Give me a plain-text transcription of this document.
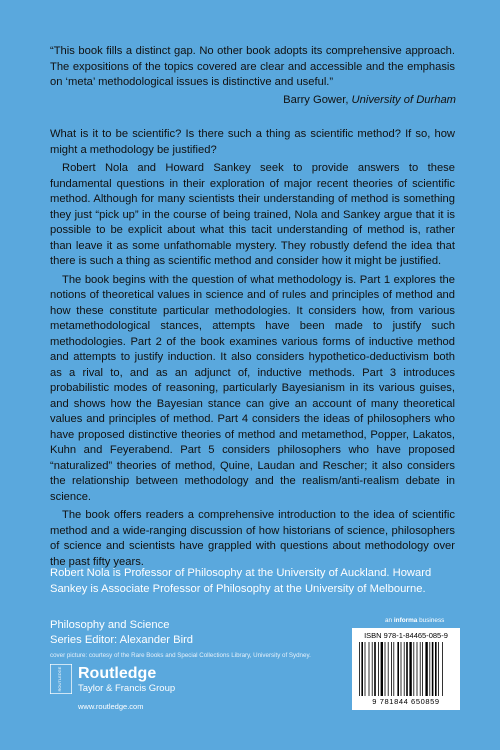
“This book fills a distinct gap. No other book adopts its comprehensive approach. The expositions of the topics covered are clear and accessible and the emphasis on ‘meta’ methodological issues is distinctive and useful.”
Barry Gower, University of Durham

What is it to be scientific? Is there such a thing as scientific method? If so, how might a methodology be justified?

Robert Nola and Howard Sankey seek to provide answers to these fundamental questions in their exploration of major recent theories of scientific method. Although for many scientists their understanding of method is something they just “pick up” in the course of being trained, Nola and Sankey argue that it is possible to be explicit about what this tacit understanding of method is, rather than leave it as some unfathomable mystery. They robustly defend the idea that there is such a thing as scientific method and consider how it might be justified.

The book begins with the question of what methodology is. Part 1 explores the notions of theoretical values in science and of rules and principles of method and how these constitute particular methodologies. It considers how, from various metamethodological stances, attempts have been made to justify such methodologies. Part 2 of the book examines various forms of inductive method and attempts to justify induction. It also considers hypothetico-deductivism both as a rival to, and as an adjunct of, inductive methods. Part 3 introduces probabilistic modes of reasoning, particularly Bayesianism in its various guises, and shows how the Bayesian stance can give an account of many theoretical values and principles of method. Part 4 considers the ideas of philosophers who have proposed distinctive theories of method and metamethod, Popper, Lakatos, Kuhn and Feyerabend. Part 5 considers philosophers who have proposed “naturalized” theories of method, Quine, Laudan and Rescher; it also considers the relationship between methodology and the realism/anti-realism debate in science.

The book offers readers a comprehensive introduction to the idea of scientific method and a wide-ranging discussion of how historians of science, philosophers of science and scientists have grappled with questions about methodology over the past fifty years.

Robert Nola is Professor of Philosophy at the University of Auckland. Howard Sankey is Associate Professor of Philosophy at the University of Melbourne.
Philosophy and Science
Series Editor: Alexander Bird
cover picture: courtesy of the Rare Books and Special Collections Library, University of Sydney.
ROUTLEDGE Routledge
Taylor & Francis Group
www.routledge.com
an informa business
ISBN 978-1-84465-085-9
9 781844 650859
